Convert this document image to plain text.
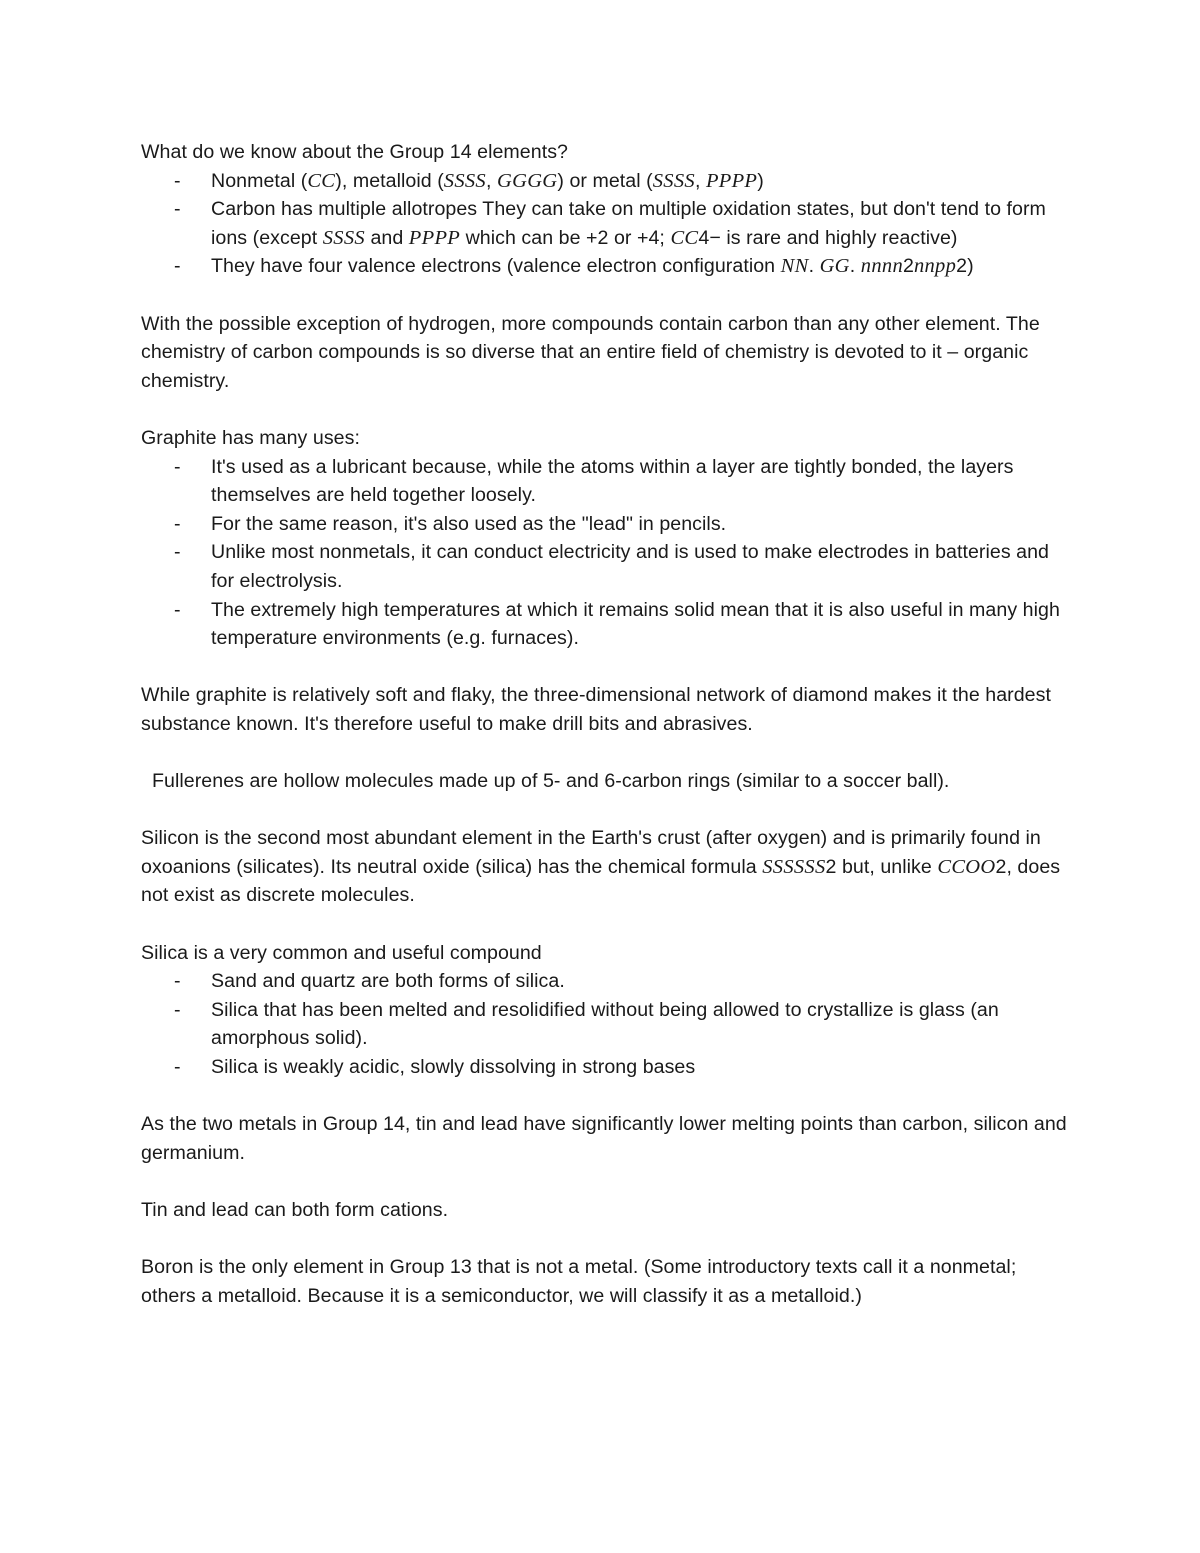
What do we know about the Group 14 elements?

- Nonmetal (CC), metalloid (SSSS, GGGG) or metal (SSSS, PPPP)
- Carbon has multiple allotropes They can take on multiple oxidation states, but don't tend to form ions (except SSSS and PPPP which can be +2 or +4; CC4− is rare and highly reactive)
- They have four valence electrons (valence electron configuration NN. GG. nnnn2nnpp2)

With the possible exception of hydrogen, more compounds contain carbon than any other element. The chemistry of carbon compounds is so diverse that an entire field of chemistry is devoted to it – organic chemistry.

Graphite has many uses:

- It's used as a lubricant because, while the atoms within a layer are tightly bonded, the layers themselves are held together loosely.
- For the same reason, it's also used as the "lead" in pencils.
- Unlike most nonmetals, it can conduct electricity and is used to make electrodes in batteries and for electrolysis.
- The extremely high temperatures at which it remains solid mean that it is also useful in many high temperature environments (e.g. furnaces).

While graphite is relatively soft and flaky, the three-dimensional network of diamond makes it the hardest substance known. It's therefore useful to make drill bits and abrasives.

Fullerenes are hollow molecules made up of 5- and 6-carbon rings (similar to a soccer ball).

Silicon is the second most abundant element in the Earth's crust (after oxygen) and is primarily found in oxoanions (silicates). Its neutral oxide (silica) has the chemical formula SSSSSS2 but, unlike CCOO2, does not exist as discrete molecules.

Silica is a very common and useful compound

- Sand and quartz are both forms of silica.
- Silica that has been melted and resolidified without being allowed to crystallize is glass (an amorphous solid).
- Silica is weakly acidic, slowly dissolving in strong bases

As the two metals in Group 14, tin and lead have significantly lower melting points than carbon, silicon and germanium.

Tin and lead can both form cations.

Boron is the only element in Group 13 that is not a metal. (Some introductory texts call it a nonmetal; others a metalloid. Because it is a semiconductor, we will classify it as a metalloid.)
